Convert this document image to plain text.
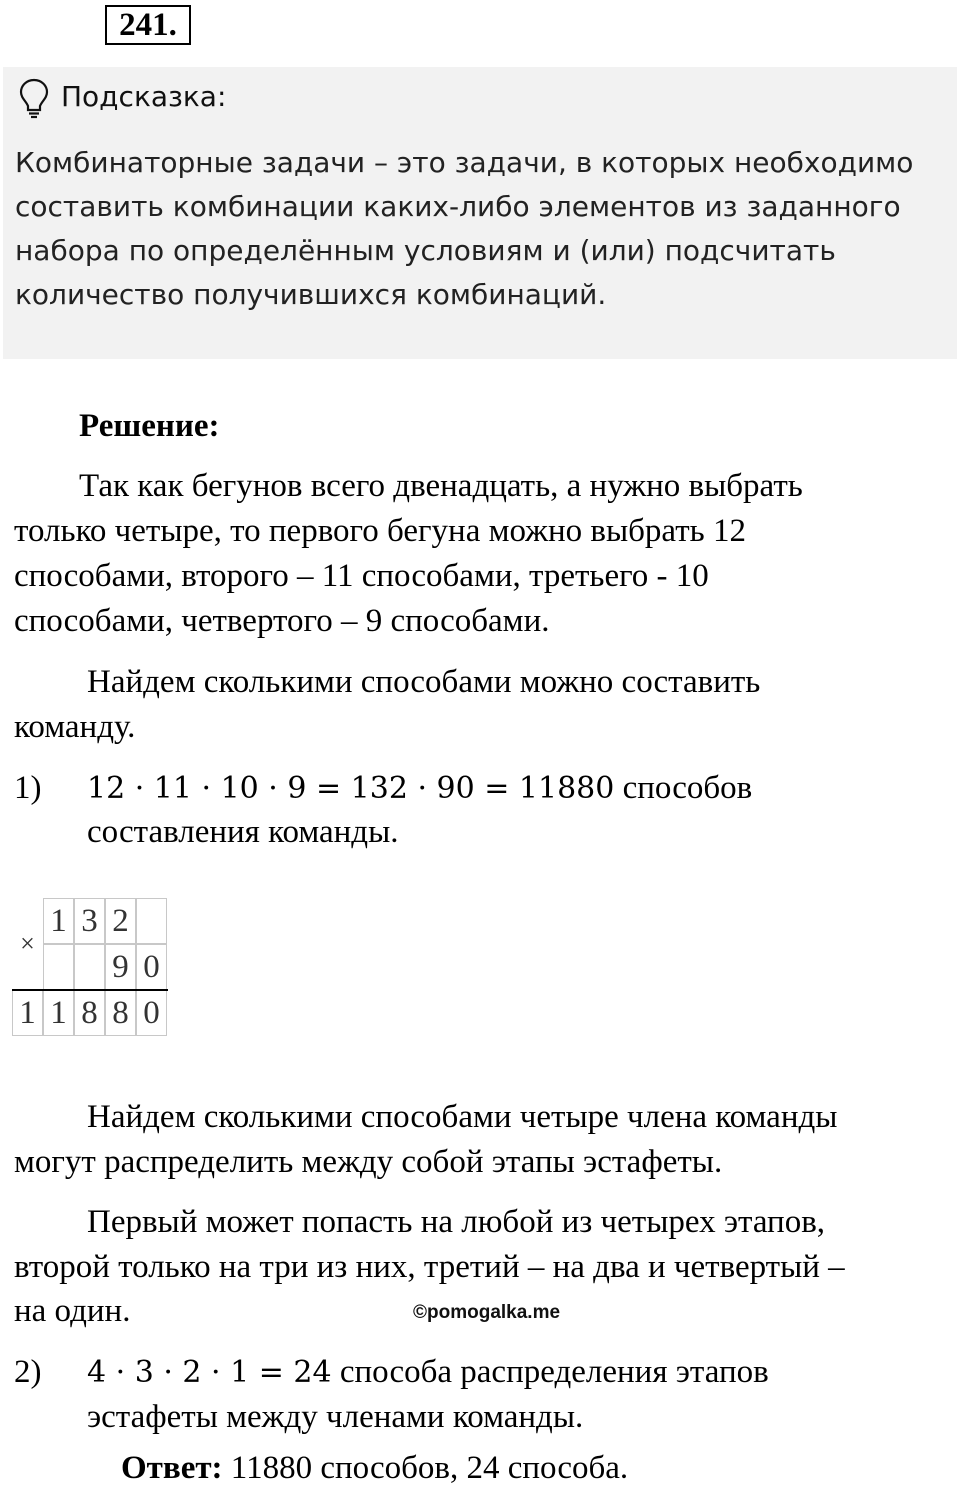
241.
Подсказка:
Комбинаторные задачи – это задачи, в которых необходимо
составить комбинации каких-либо элементов из заданного
набора по определённым условиям и (или) подсчитать
количество получившихся комбинаций.
Решение:
Так как бегунов всего двенадцать, а нужно выбрать
только четыре, то первого бегуна можно выбрать 12
способами, второго – 11 способами, третьего - 10
способами, четвертого – 9 способами.
Найдем сколькими способами можно составить
команду.
1) 12 · 11 · 10 · 9 = 132 · 90 = 11880 способов
составления команды.
×
1 3 2
9 0
1 1 8 8 0
Найдем сколькими способами четыре члена команды
могут распределить между собой этапы эстафеты.
Первый может попасть на любой из четырех этапов,
второй только на три из них, третий – на два и четвертый –
на один.	©pomogalka.me
2) 4 · 3 · 2 · 1 = 24 способа распределения этапов
эстафеты между членами команды.
Ответ: 11880 способов, 24 способа.
